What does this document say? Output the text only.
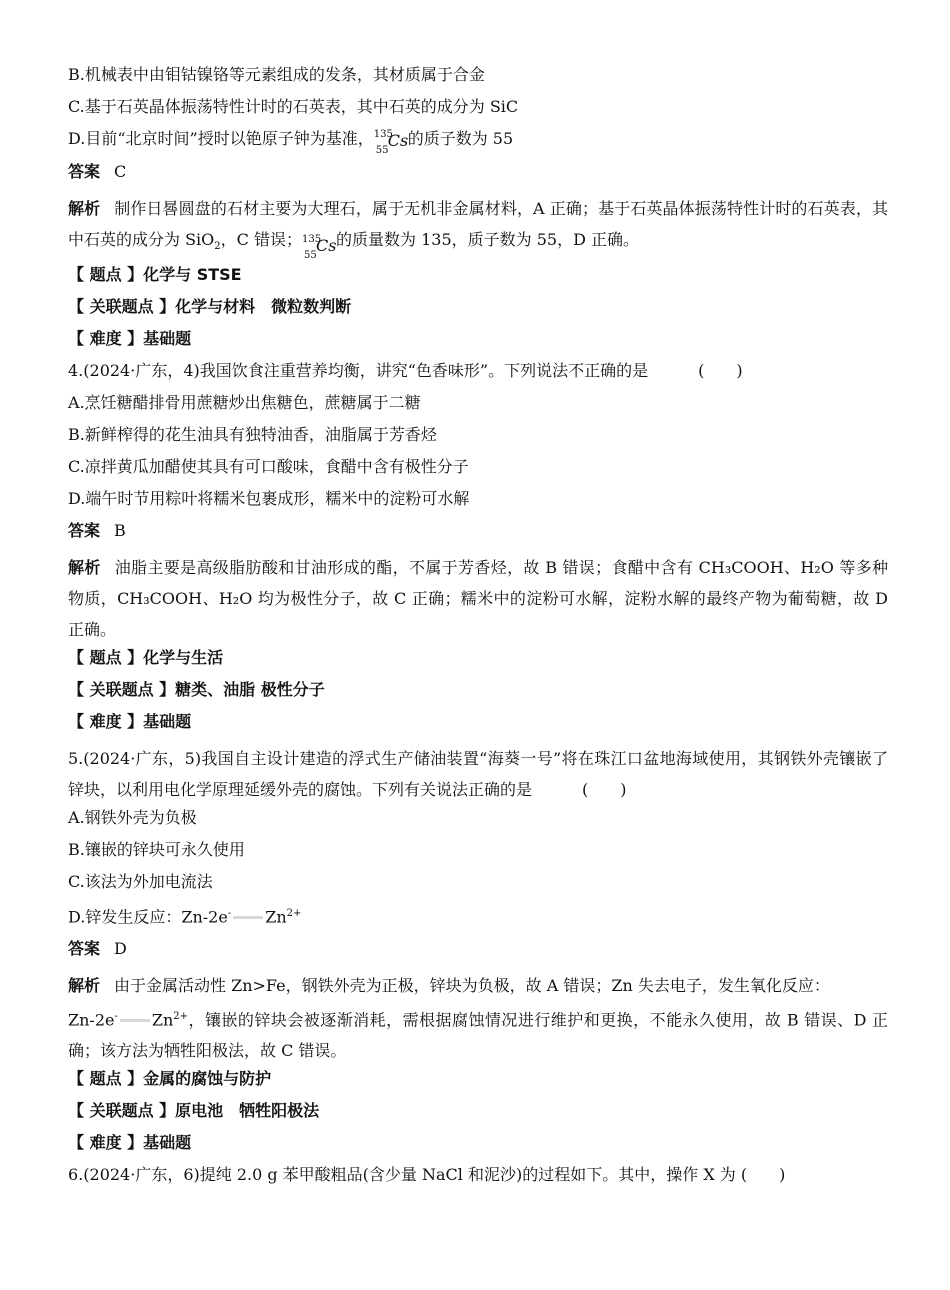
B.机械表中由钼钴镍铬等元素组成的发条，其材质属于合金
C.基于石英晶体振荡特性计时的石英表，其中石英的成分为 SiC
D.目前“北京时间”授时以铯原子钟为基准， 135
55
Cs 的质子数为 55
答案 C
解析 制作日晷圆盘的石材主要为大理石，属于无机非金属材料，A 正确；基于石英晶体振荡特性计时的石英表，其中石英的成分为 SiO$_2$，C 错误； 135
55
Cs 的质量数为 135，质子数为 55，D 正确。
【 题点 】化学与 STSE
【 关联题点 】化学与材料　微粒数判断
【 难度 】基础题
4.(2024·广东，4)我国饮食注重营养均衡，讲究“色香味形”。下列说法不正确的是	(　　)
A.烹饪糖醋排骨用蔗糖炒出焦糖色，蔗糖属于二糖
B.新鲜榨得的花生油具有独特油香，油脂属于芳香烃
C.凉拌黄瓜加醋使其具有可口酸味，食醋中含有极性分子
D.端午时节用粽叶将糯米包裹成形，糯米中的淀粉可水解
答案 B
解析 油脂主要是高级脂肪酸和甘油形成的酯，不属于芳香烃，故 B 错误；食醋中含有 CH₃COOH、H₂O 等多种物质，CH₃COOH、H₂O 均为极性分子，故 C 正确；糯米中的淀粉可水解，淀粉水解的最终产物为葡萄糖，故 D 正确。
【 题点 】化学与生活
【 关联题点 】糖类、油脂 极性分子
【 难度 】基础题
5.(2024·广东，5)我国自主设计建造的浮式生产储油装置“海葵一号”将在珠江口盆地海域使用，其钢铁外壳镶嵌了锌块，以利用电化学原理延缓外壳的腐蚀。下列有关说法正确的是	(　　)
A.钢铁外壳为负极
B.镶嵌的锌块可永久使用
C.该法为外加电流法
D.锌发生反应：Zn-2e- $Zn^{2+}$
答案 D
解析 由于金属活动性 Zn>Fe，钢铁外壳为正极，锌块为负极，故 A 错误；Zn 失去电子，发生氧化反应：
Zn-2e- $Zn^{2+}$，镶嵌的锌块会被逐渐消耗，需根据腐蚀情况进行维护和更换，不能永久使用，故 B 错误、D 正确；该方法为牺牲阳极法，故 C 错误。
【 题点 】金属的腐蚀与防护
【 关联题点 】原电池　牺牲阳极法
【 难度 】基础题
6.(2024·广东，6)提纯 2.0 g 苯甲酸粗品(含少量 NaCl 和泥沙)的过程如下。其中，操作 X 为 (　　)
